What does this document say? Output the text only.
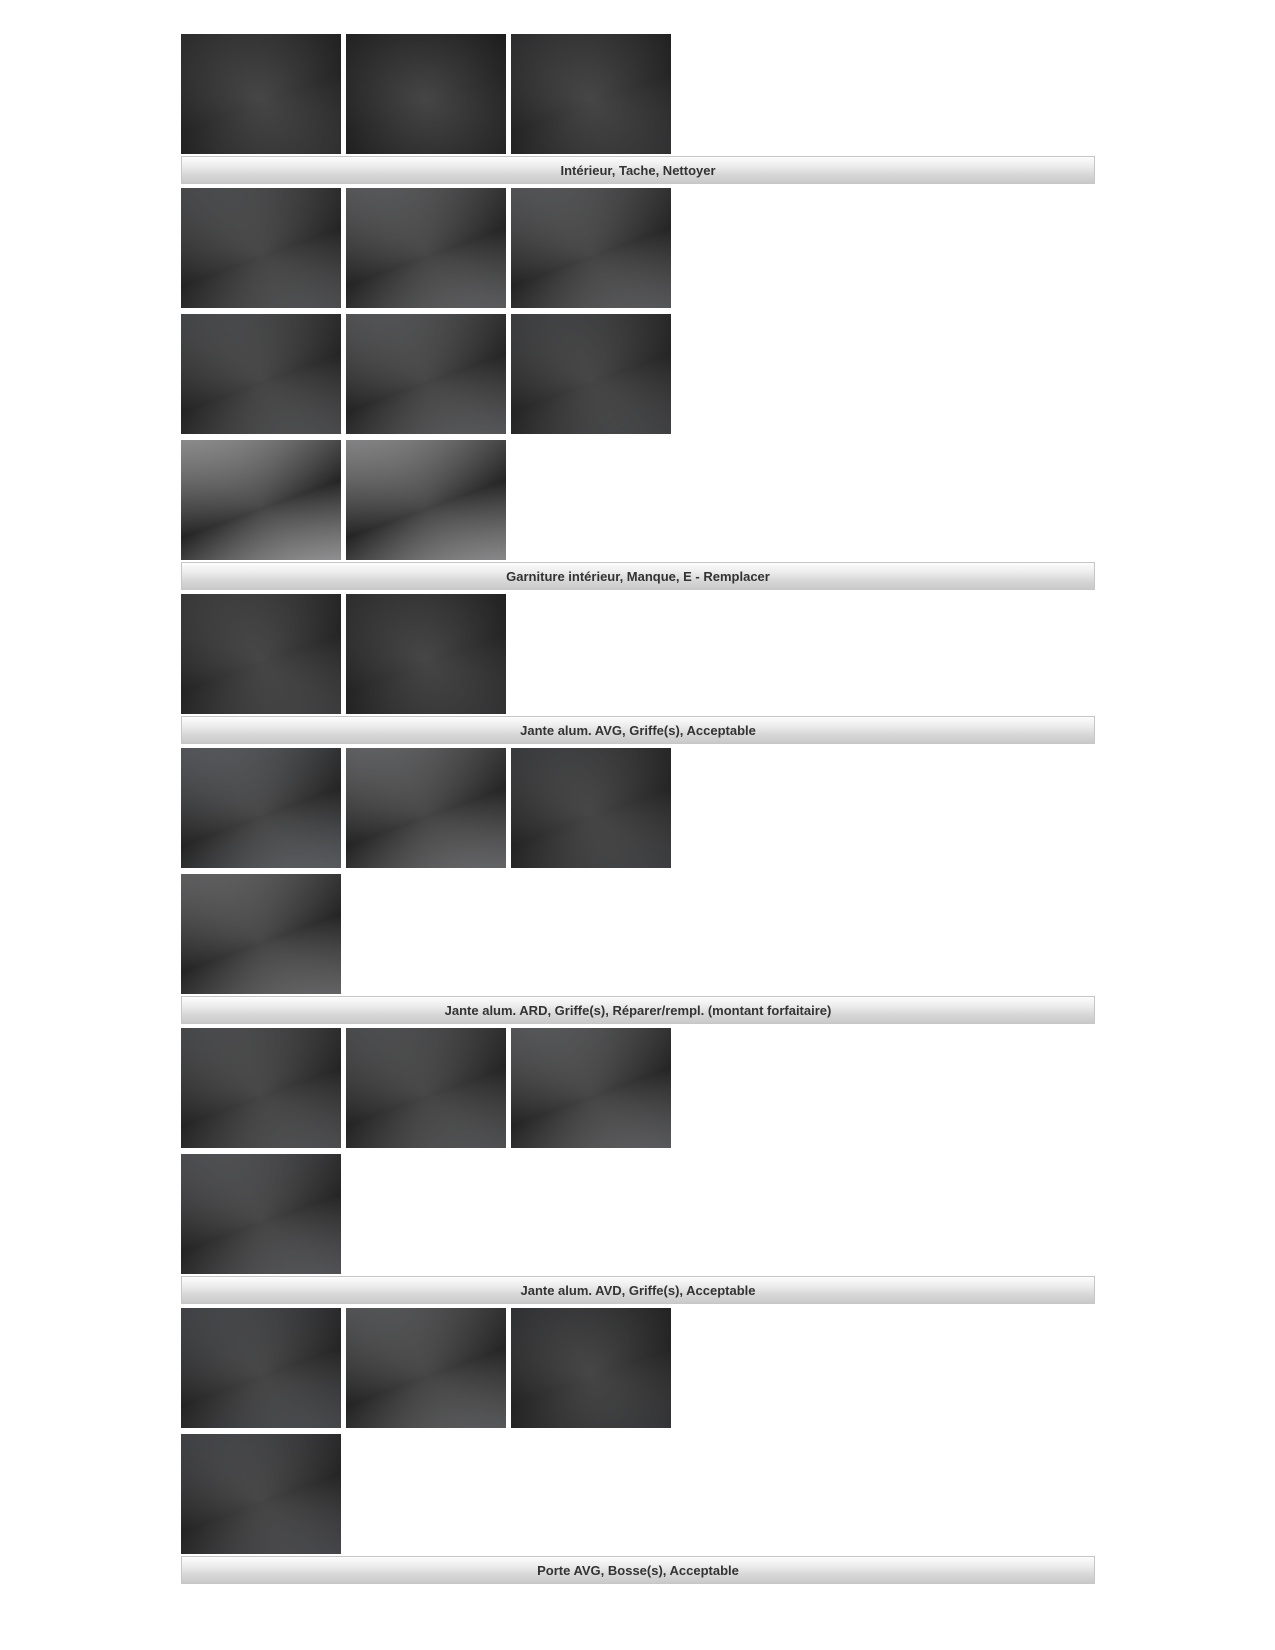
Intérieur, Tache, Nettoyer
Garniture intérieur, Manque, E - Remplacer
Jante alum. AVG, Griffe(s), Acceptable
Jante alum. ARD, Griffe(s), Réparer/rempl. (montant forfaitaire)
Jante alum. AVD, Griffe(s), Acceptable
Porte AVG, Bosse(s), Acceptable
